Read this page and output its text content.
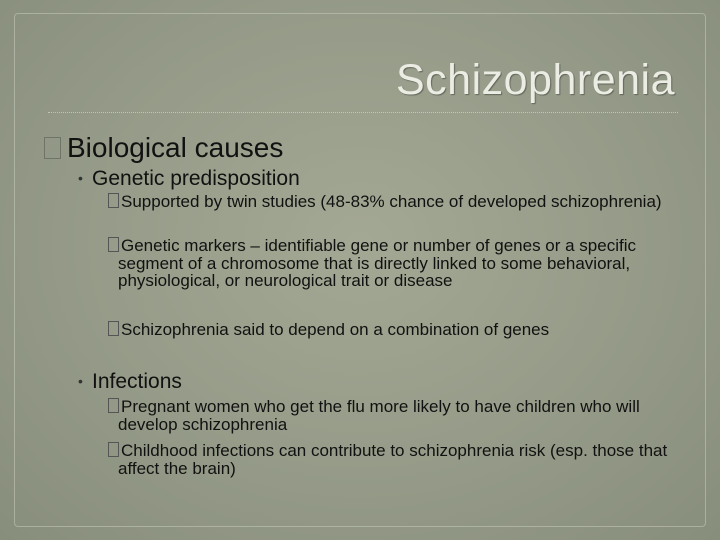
Schizophrenia
Biological causes
• Genetic predisposition
Supported by twin studies (48-83% chance of developed schizophrenia)
Genetic markers – identifiable gene or number of genes or a specific segment of a chromosome that is directly linked to some behavioral, physiological, or neurological trait or disease
Schizophrenia said to depend on a combination of genes
• Infections
Pregnant women who get the flu more likely to have children who will develop schizophrenia
Childhood infections can contribute to schizophrenia risk (esp. those that affect the brain)
